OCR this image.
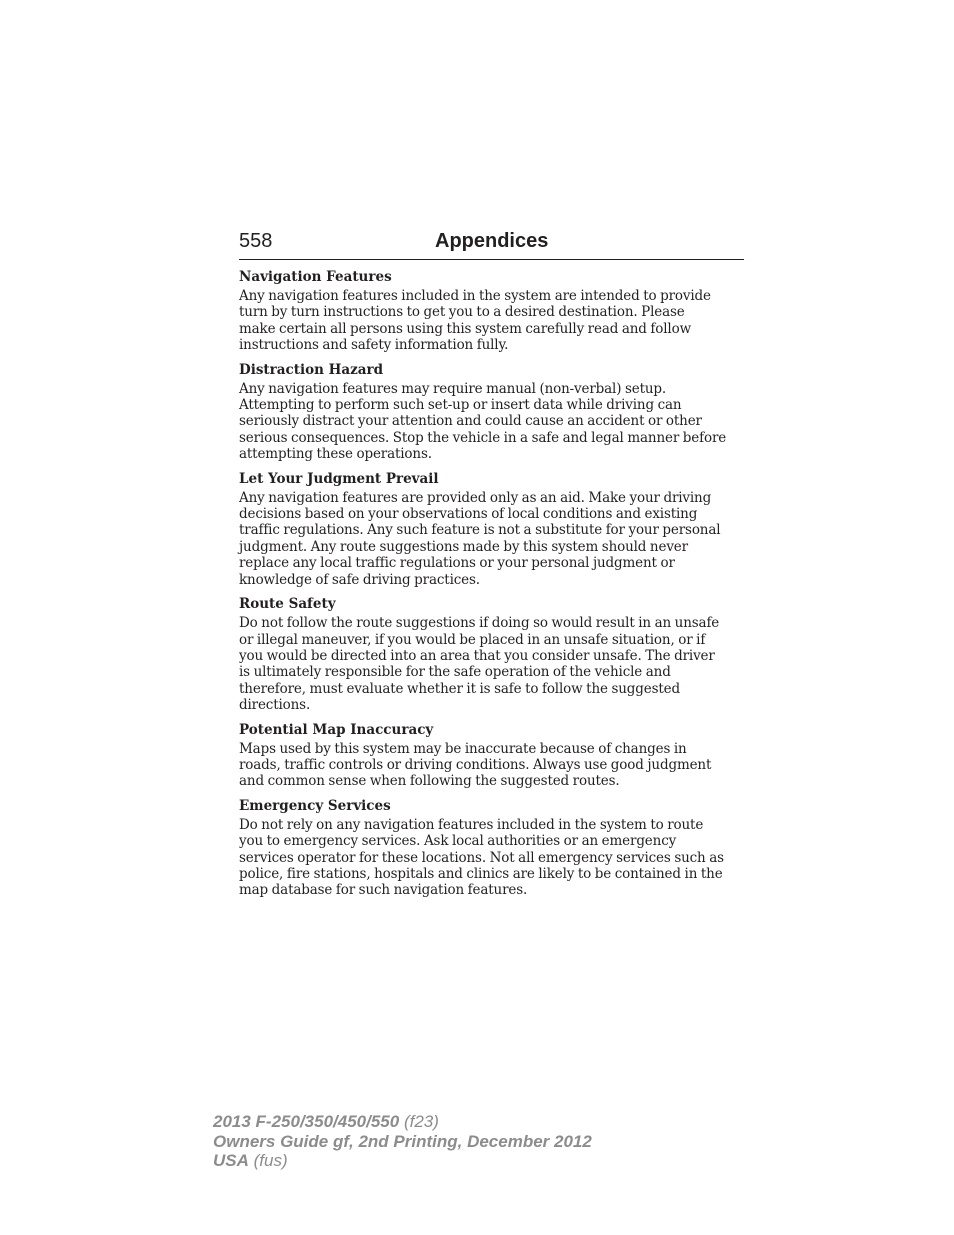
558	Appendices

Navigation Features

Any navigation features included in the system are intended to provide
turn by turn instructions to get you to a desired destination. Please
make certain all persons using this system carefully read and follow
instructions and safety information fully.

Distraction Hazard

Any navigation features may require manual (non-verbal) setup.
Attempting to perform such set-up or insert data while driving can
seriously distract your attention and could cause an accident or other
serious consequences. Stop the vehicle in a safe and legal manner before
attempting these operations.

Let Your Judgment Prevail

Any navigation features are provided only as an aid. Make your driving
decisions based on your observations of local conditions and existing
traffic regulations. Any such feature is not a substitute for your personal
judgment. Any route suggestions made by this system should never
replace any local traffic regulations or your personal judgment or
knowledge of safe driving practices.

Route Safety

Do not follow the route suggestions if doing so would result in an unsafe
or illegal maneuver, if you would be placed in an unsafe situation, or if
you would be directed into an area that you consider unsafe. The driver
is ultimately responsible for the safe operation of the vehicle and
therefore, must evaluate whether it is safe to follow the suggested
directions.

Potential Map Inaccuracy

Maps used by this system may be inaccurate because of changes in
roads, traffic controls or driving conditions. Always use good judgment
and common sense when following the suggested routes.

Emergency Services

Do not rely on any navigation features included in the system to route
you to emergency services. Ask local authorities or an emergency
services operator for these locations. Not all emergency services such as
police, fire stations, hospitals and clinics are likely to be contained in the
map database for such navigation features.

2013 F-250/350/450/550 (f23)
Owners Guide gf, 2nd Printing, December 2012
USA (fus)
